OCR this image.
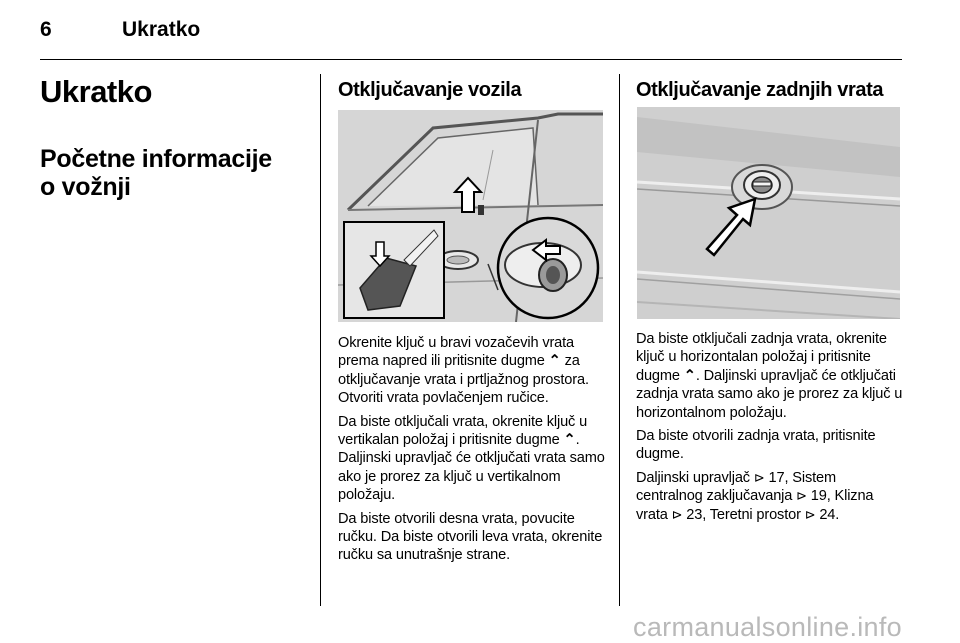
6	Ukratko
Ukratko
Početne informacije
o vožnji
Otključavanje vozila

Okrenite ključ u bravi vozačevih vrata prema napred ili pritisnite dugme ⌃ za otključavanje vrata i prtljažnog prostora. Otvoriti vrata povlačenjem ručice.

Da biste otključali vrata, okrenite ključ u vertikalan položaj i pritisnite dugme ⌃. Daljinski upravljač će otključati vrata samo ako je prorez za ključ u vertikalnom položaju.

Da biste otvorili desna vrata, povucite ručku. Da biste otvorili leva vrata, okrenite ručku sa unutrašnje strane.

Otključavanje zadnjih vrata

Da biste otključali zadnja vrata, okrenite ključ u horizontalan položaj i pritisnite dugme ⌃. Daljinski upravljač će otključati zadnja vrata samo ako je prorez za ključ u horizontalnom položaju.

Da biste otvorili zadnja vrata, pritisnite dugme.

Daljinski upravljač ⊳ 17, Sistem centralnog zaključavanja ⊳ 19, Klizna vrata ⊳ 23, Teretni prostor ⊳ 24.

carmanualsonline.info
